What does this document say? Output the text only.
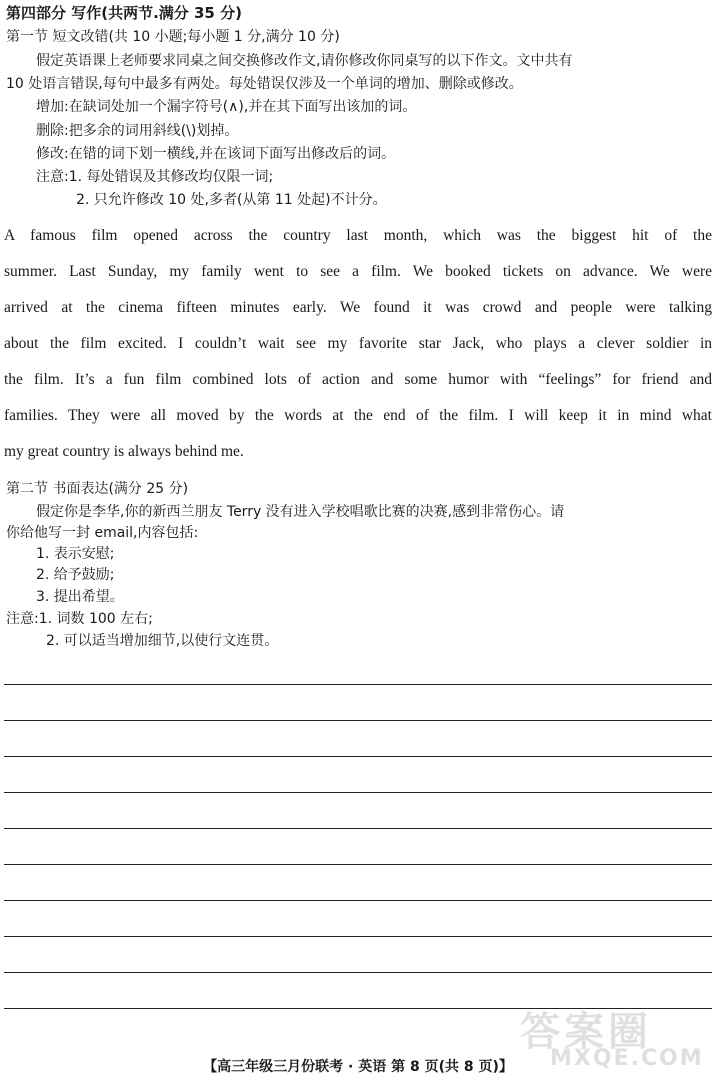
第四部分 写作(共两节.满分 35 分)
第一节 短文改错(共 10 小题;每小题 1 分,满分 10 分)
假定英语课上老师要求同桌之间交换修改作文,请你修改你同桌写的以下作文。文中共有
10 处语言错误,每句中最多有两处。每处错误仅涉及一个单词的增加、删除或修改。
增加:在缺词处加一个漏字符号(∧),并在其下面写出该加的词。
删除:把多余的词用斜线(\)划掉。
修改:在错的词下划一横线,并在该词下面写出修改后的词。
注意:1. 每处错误及其修改均仅限一词;
2. 只允许修改 10 处,多者(从第 11 处起)不计分。
A famous film opened across the country last month, which was the biggest hit of the
summer. Last Sunday, my family went to see a film. We booked tickets on advance. We were
arrived at the cinema fifteen minutes early. We found it was crowd and people were talking
about the film excited. I couldn’t wait see my favorite star Jack, who plays a clever soldier in
the film. It’s a fun film combined lots of action and some humor with “feelings” for friend and
families. They were all moved by the words at the end of the film. I will keep it in mind what
my great country is always behind me.
第二节 书面表达(满分 25 分)
假定你是李华,你的新西兰朋友 Terry 没有进入学校唱歌比赛的决赛,感到非常伤心。请
你给他写一封 email,内容包括:
1. 表示安慰;
2. 给予鼓励;
3. 提出希望。
注意:1. 词数 100 左右;
2. 可以适当增加细节,以使行文连贯。
【高三年级三月份联考 · 英语 第 8 页(共 8 页)】
答案圈
MXQE.COM
